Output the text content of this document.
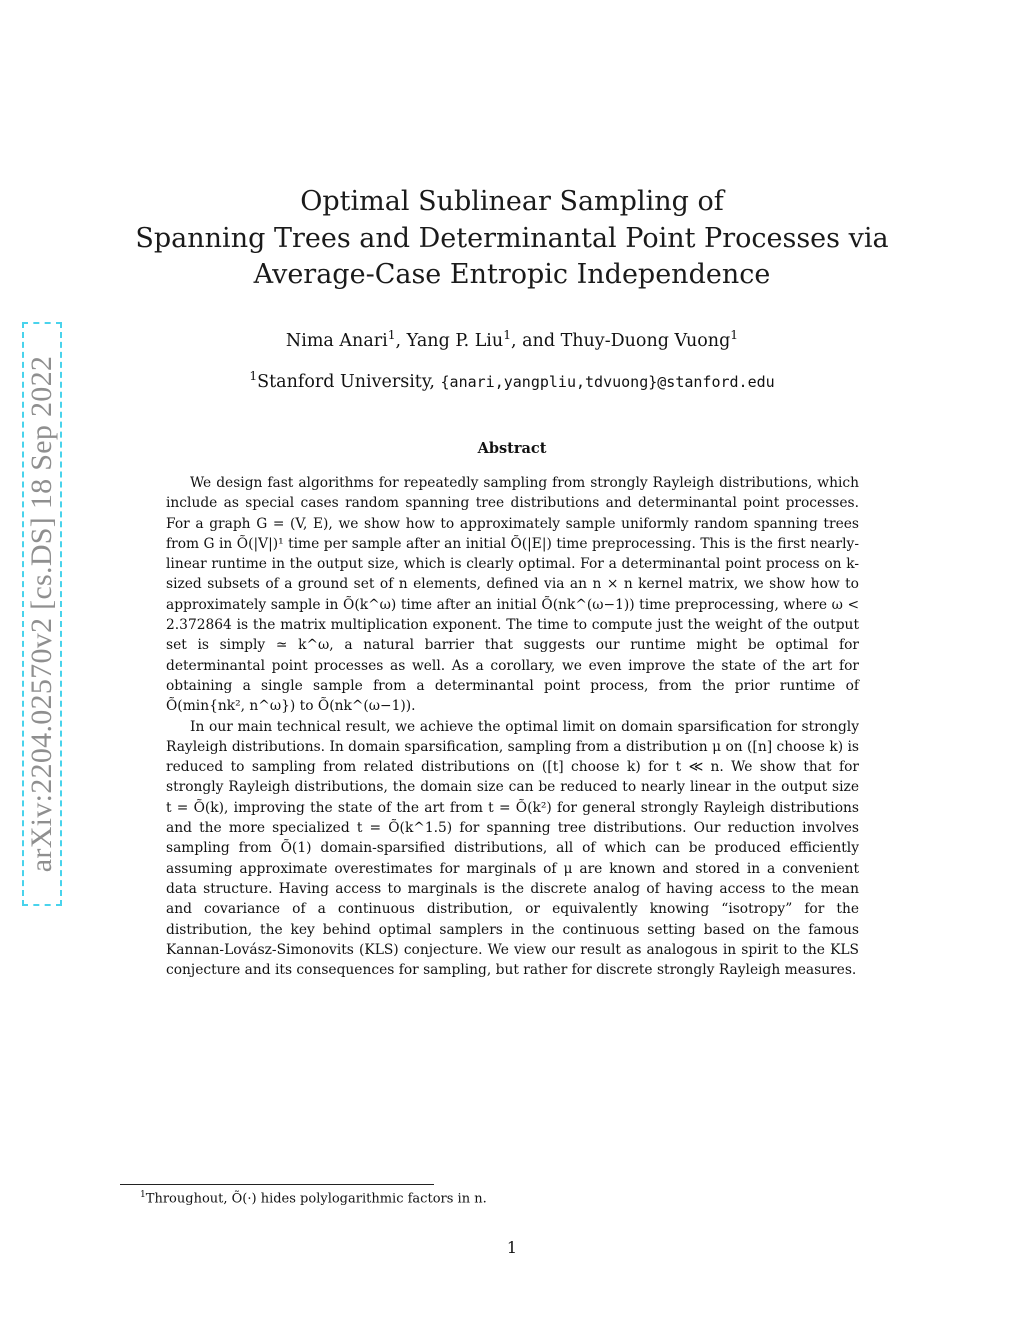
arXiv:2204.02570v2 [cs.DS] 18 Sep 2022
Optimal Sublinear Sampling of
Spanning Trees and Determinantal Point Processes via
Average-Case Entropic Independence
Nima Anari$^1$, Yang P. Liu$^1$, and Thuy-Duong Vuong$^1$
$^1$Stanford University, {anari,yangpliu,tdvuong}@stanford.edu
Abstract

We design fast algorithms for repeatedly sampling from strongly Rayleigh distributions, which include as special cases random spanning tree distributions and determinantal point processes. For a graph G = (V, E), we show how to approximately sample uniformly random spanning trees from G in Õ(|V|)¹ time per sample after an initial Õ(|E|) time preprocessing. This is the first nearly-linear runtime in the output size, which is clearly optimal. For a determinantal point process on k-sized subsets of a ground set of n elements, defined via an n × n kernel matrix, we show how to approximately sample in Õ(k^ω) time after an initial Õ(nk^(ω−1)) time preprocessing, where ω < 2.372864 is the matrix multiplication exponent. The time to compute just the weight of the output set is simply ≃ k^ω, a natural barrier that suggests our runtime might be optimal for determinantal point processes as well. As a corollary, we even improve the state of the art for obtaining a single sample from a determinantal point process, from the prior runtime of Õ(min{nk², n^ω}) to Õ(nk^(ω−1)).

In our main technical result, we achieve the optimal limit on domain sparsification for strongly Rayleigh distributions. In domain sparsification, sampling from a distribution μ on ([n] choose k) is reduced to sampling from related distributions on ([t] choose k) for t ≪ n. We show that for strongly Rayleigh distributions, the domain size can be reduced to nearly linear in the output size t = Õ(k), improving the state of the art from t = Õ(k²) for general strongly Rayleigh distributions and the more specialized t = Õ(k^1.5) for spanning tree distributions. Our reduction involves sampling from Õ(1) domain-sparsified distributions, all of which can be produced efficiently assuming approximate overestimates for marginals of μ are known and stored in a convenient data structure. Having access to marginals is the discrete analog of having access to the mean and covariance of a continuous distribution, or equivalently knowing “isotropy” for the distribution, the key behind optimal samplers in the continuous setting based on the famous Kannan-Lovász-Simonovits (KLS) conjecture. We view our result as analogous in spirit to the KLS conjecture and its consequences for sampling, but rather for discrete strongly Rayleigh measures.

$^1$Throughout, Õ(·) hides polylogarithmic factors in n.
1
